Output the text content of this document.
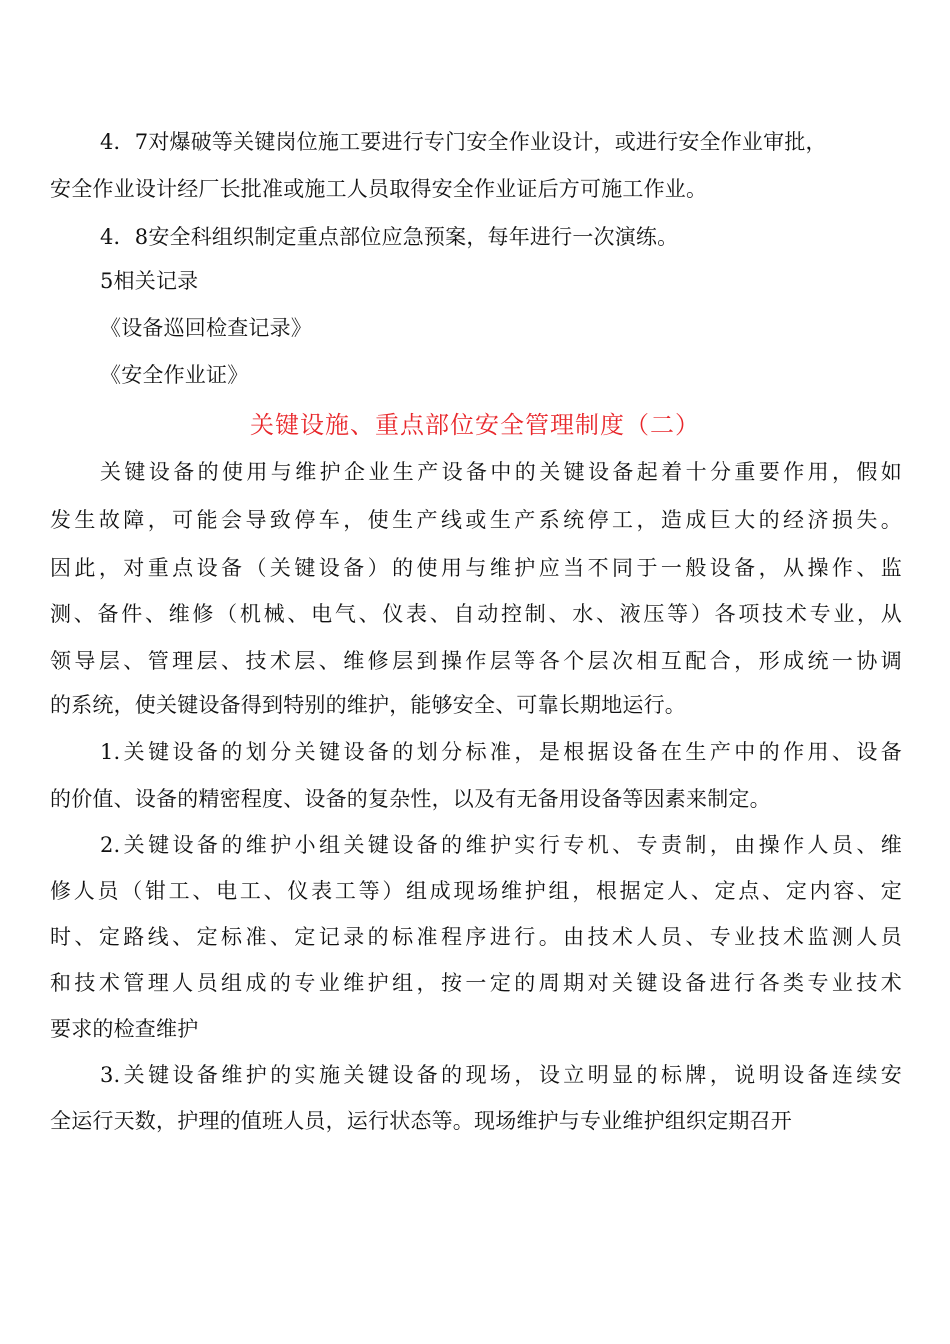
4．7对爆破等关键岗位施工要进行专门安全作业设计，或进行安全作业审批，
安全作业设计经厂长批准或施工人员取得安全作业证后方可施工作业。
4．8安全科组织制定重点部位应急预案，每年进行一次演练。
5相关记录
《设备巡回检查记录》
《安全作业证》
关键设施、重点部位安全管理制度（二）
关键设备的使用与维护企业生产设备中的关键设备起着十分重要作用，假如
发生故障，可能会导致停车，使生产线或生产系统停工，造成巨大的经济损失。
因此，对重点设备（关键设备）的使用与维护应当不同于一般设备，从操作、监
测、备件、维修（机械、电气、仪表、自动控制、水、液压等）各项技术专业，从
领导层、管理层、技术层、维修层到操作层等各个层次相互配合，形成统一协调
的系统，使关键设备得到特别的维护，能够安全、可靠长期地运行。
1.关键设备的划分关键设备的划分标准，是根据设备在生产中的作用、设备
的价值、设备的精密程度、设备的复杂性，以及有无备用设备等因素来制定。
2.关键设备的维护小组关键设备的维护实行专机、专责制，由操作人员、维
修人员（钳工、电工、仪表工等）组成现场维护组，根据定人、定点、定内容、定
时、定路线、定标准、定记录的标准程序进行。由技术人员、专业技术监测人员
和技术管理人员组成的专业维护组，按一定的周期对关键设备进行各类专业技术
要求的检查维护
3.关键设备维护的实施关键设备的现场，设立明显的标牌，说明设备连续安
全运行天数，护理的值班人员，运行状态等。现场维护与专业维护组织定期召开
